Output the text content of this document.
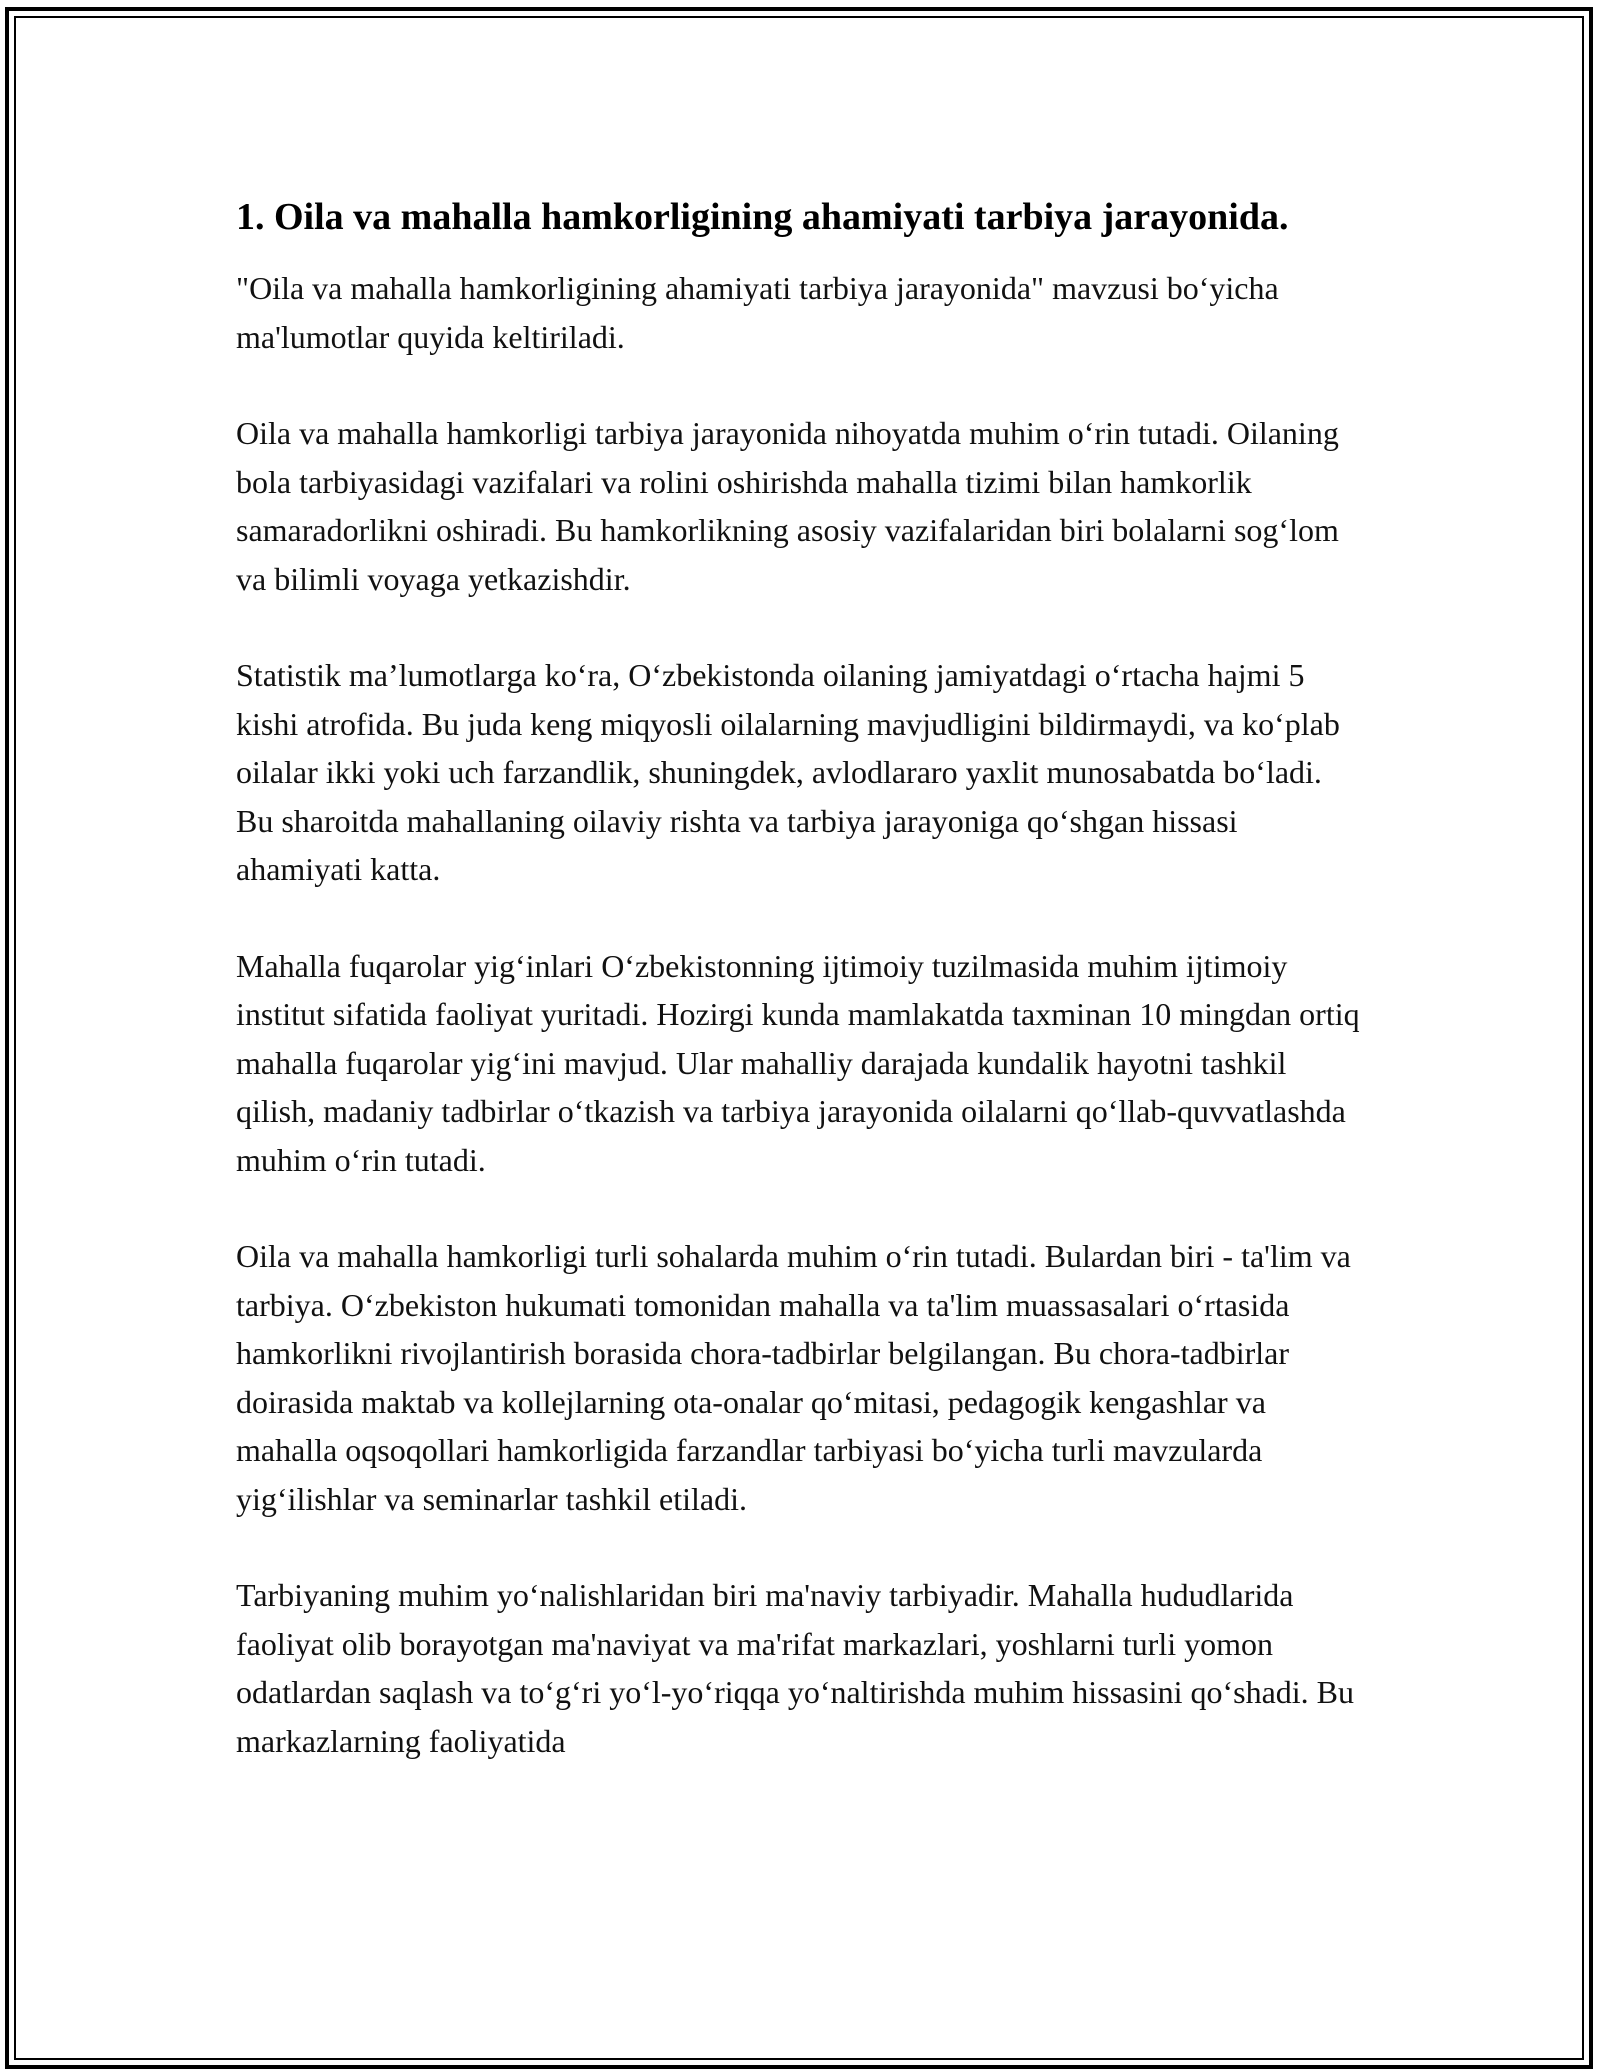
1. Oila va mahalla hamkorligining ahamiyati tarbiya jarayonida.

"Oila va mahalla hamkorligining ahamiyati tarbiya jarayonida" mavzusi bo‘yicha ma'lumotlar quyida keltiriladi.

Oila va mahalla hamkorligi tarbiya jarayonida nihoyatda muhim o‘rin tutadi. Oilaning bola tarbiyasidagi vazifalari va rolini oshirishda mahalla tizimi bilan hamkorlik samaradorlikni oshiradi. Bu hamkorlikning asosiy vazifalaridan biri bolalarni sog‘lom va bilimli voyaga yetkazishdir.

Statistik ma’lumotlarga ko‘ra, O‘zbekistonda oilaning jamiyatdagi o‘rtacha hajmi 5 kishi atrofida. Bu juda keng miqyosli oilalarning mavjudligini bildirmaydi, va ko‘plab oilalar ikki yoki uch farzandlik, shuningdek, avlodlararo yaxlit munosabatda bo‘ladi. Bu sharoitda mahallaning oilaviy rishta va tarbiya jarayoniga qo‘shgan hissasi ahamiyati katta.

Mahalla fuqarolar yig‘inlari O‘zbekistonning ijtimoiy tuzilmasida muhim ijtimoiy institut sifatida faoliyat yuritadi. Hozirgi kunda mamlakatda taxminan 10 mingdan ortiq mahalla fuqarolar yig‘ini mavjud. Ular mahalliy darajada kundalik hayotni tashkil qilish, madaniy tadbirlar o‘tkazish va tarbiya jarayonida oilalarni qo‘llab-quvvatlashda muhim o‘rin tutadi.

Oila va mahalla hamkorligi turli sohalarda muhim o‘rin tutadi. Bulardan biri - ta'lim va tarbiya. O‘zbekiston hukumati tomonidan mahalla va ta'lim muassasalari o‘rtasida hamkorlikni rivojlantirish borasida chora-tadbirlar belgilangan. Bu chora-tadbirlar doirasida maktab va kollejlarning ota-onalar qo‘mitasi, pedagogik kengashlar va mahalla oqsoqollari hamkorligida farzandlar tarbiyasi bo‘yicha turli mavzularda yig‘ilishlar va seminarlar tashkil etiladi.

Tarbiyaning muhim yo‘nalishlaridan biri ma'naviy tarbiyadir. Mahalla hududlarida faoliyat olib borayotgan ma'naviyat va ma'rifat markazlari, yoshlarni turli yomon odatlardan saqlash va to‘g‘ri yo‘l-yo‘riqqa yo‘naltirishda muhim hissasini qo‘shadi. Bu markazlarning faoliyatida
